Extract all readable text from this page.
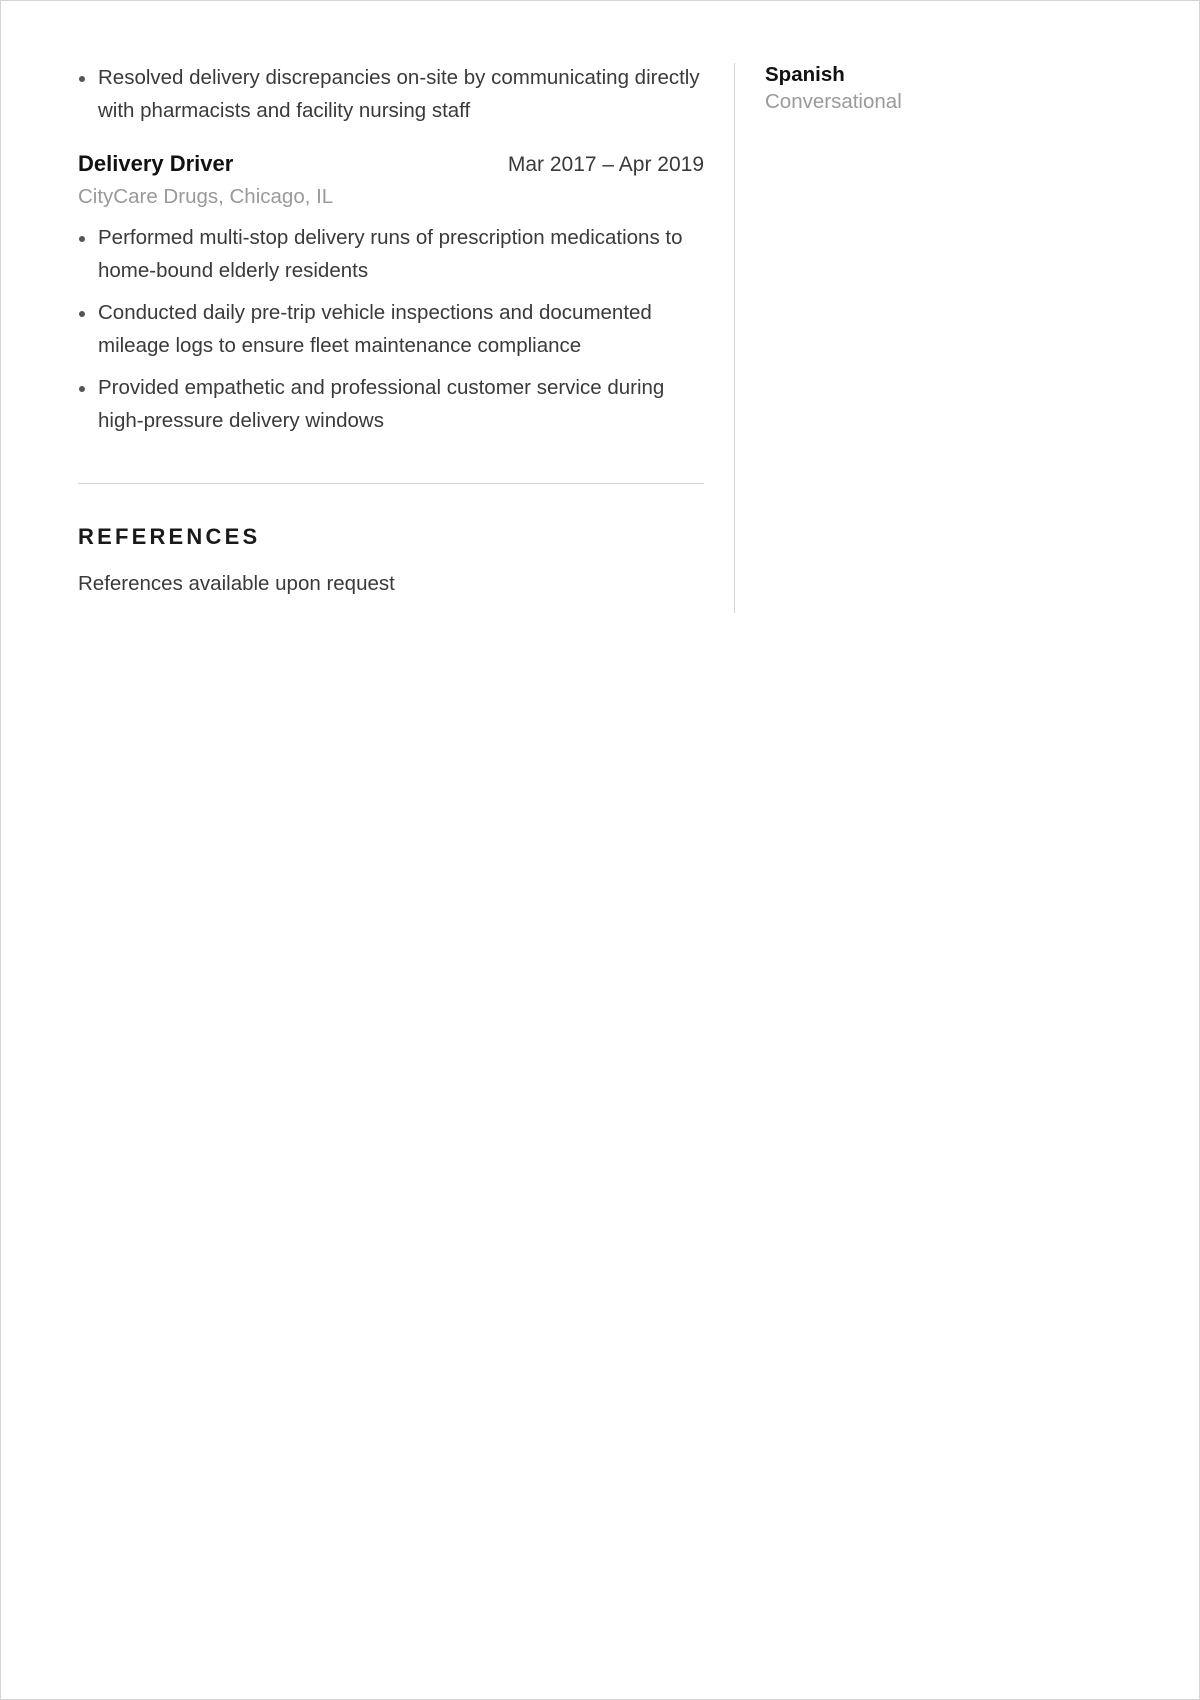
Resolved delivery discrepancies on-site by communicating directly with pharmacists and facility nursing staff
Delivery Driver	Mar 2017 – Apr 2019
CityCare Drugs, Chicago, IL
Performed multi-stop delivery runs of prescription medications to home-bound elderly residents
Conducted daily pre-trip vehicle inspections and documented mileage logs to ensure fleet maintenance compliance
Provided empathetic and professional customer service during high-pressure delivery windows
REFERENCES
References available upon request
Spanish
Conversational
